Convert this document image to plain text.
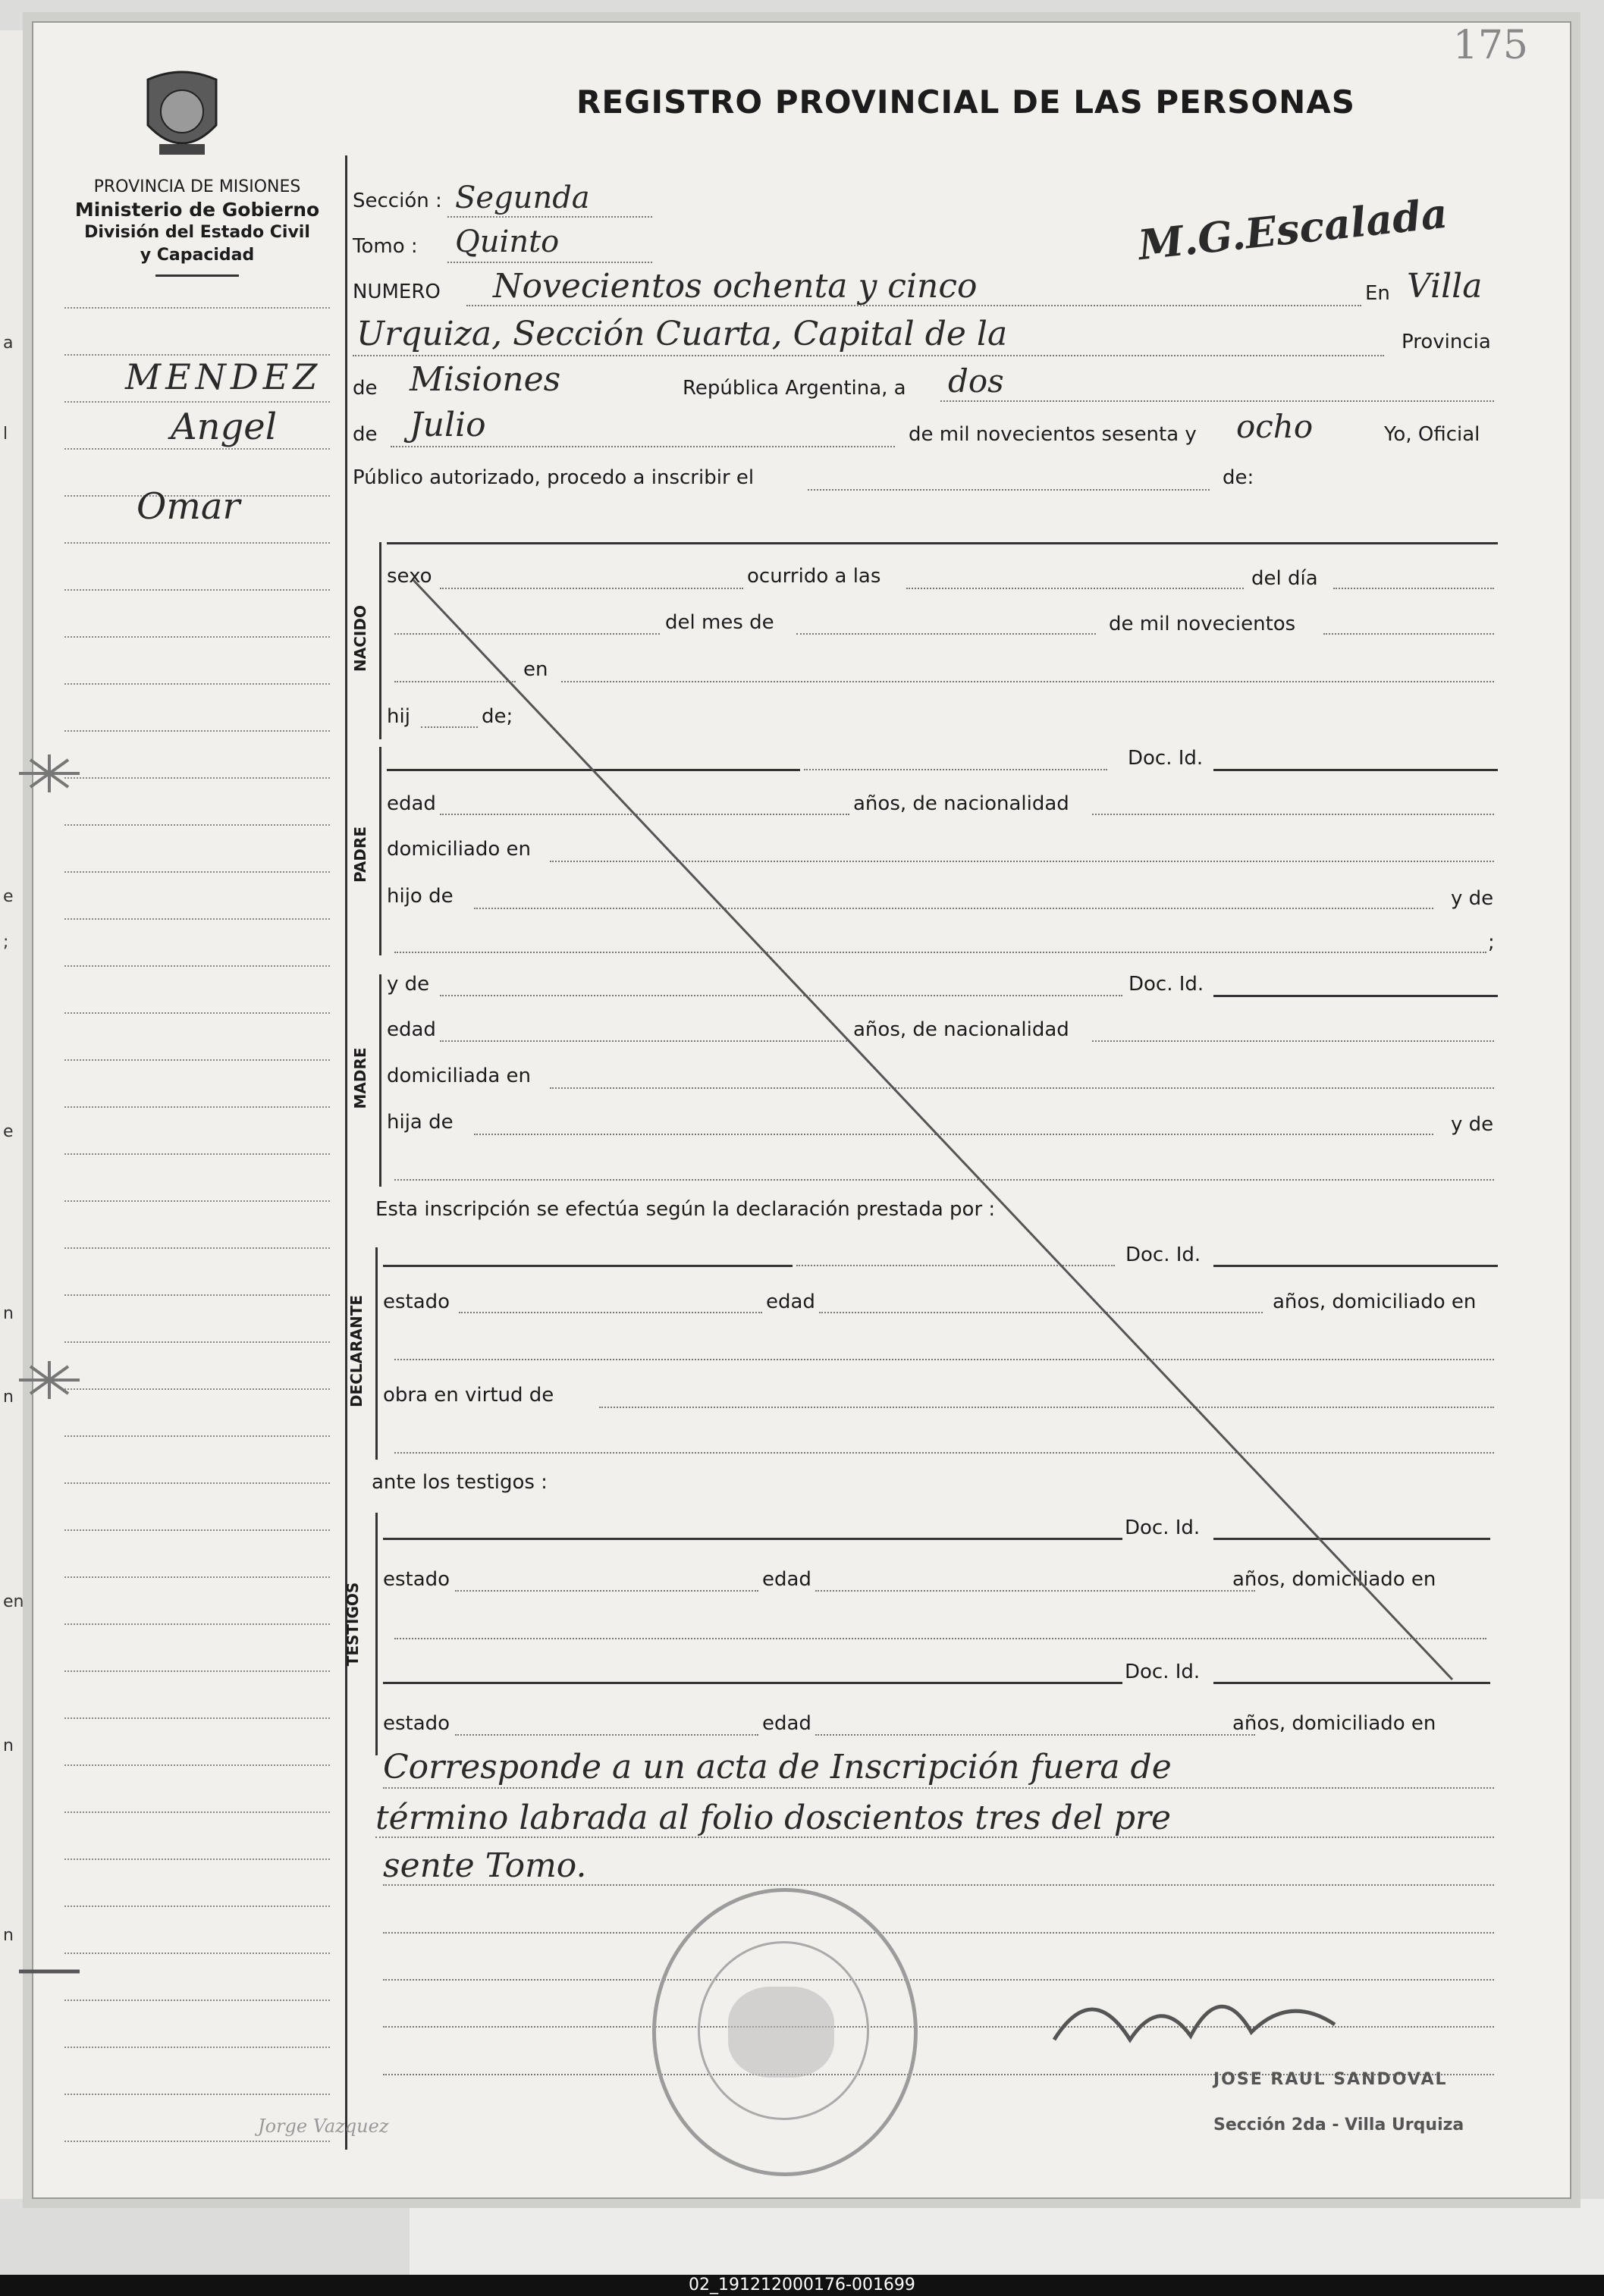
a
l
e
;
e
n
n
en
n
n
175
REGISTRO PROVINCIAL DE LAS PERSONAS
PROVINCIA DE MISIONES
Ministerio de Gobierno
División del Estado Civil
y Capacidad
MENDEZ
Angel
Omar
Sección : Segunda
Tomo : Quinto	M.G.Escalada
NUMERO Novecientos ochenta y cinco	En Villa
Urquiza, Sección Cuarta, Capital de la	Provincia
de Misiones	República Argentina, a dos
de Julio	de mil novecientos sesenta y ocho	Yo, Oficial
Público autorizado, procedo a inscribir el	de:
NACIDO
sexo	ocurrido a las	del día
del mes de	de mil novecientos
en
hij	de;
PADRE
Doc. Id.
edad	años, de nacionalidad
domiciliado en
hijo de	y de
;
MADRE
y de	Doc. Id.
edad	años, de nacionalidad
domiciliada en
hija de	y de
Esta inscripción se efectúa según la declaración prestada por :
DECLARANTE
Doc. Id.
estado	edad	años, domiciliado en
obra en virtud de
ante los testigos :
TESTIGOS
Doc. Id.
estado	edad	años, domiciliado en
Doc. Id.
estado	edad	años, domiciliado en
Corresponde a un acta de Inscripción fuera de
término labrada al folio doscientos tres del pre
sente Tomo.
JOSE RAUL SANDOVAL
Sección 2da - Villa Urquiza
Jorge Vazquez
02_191212000176-001699
